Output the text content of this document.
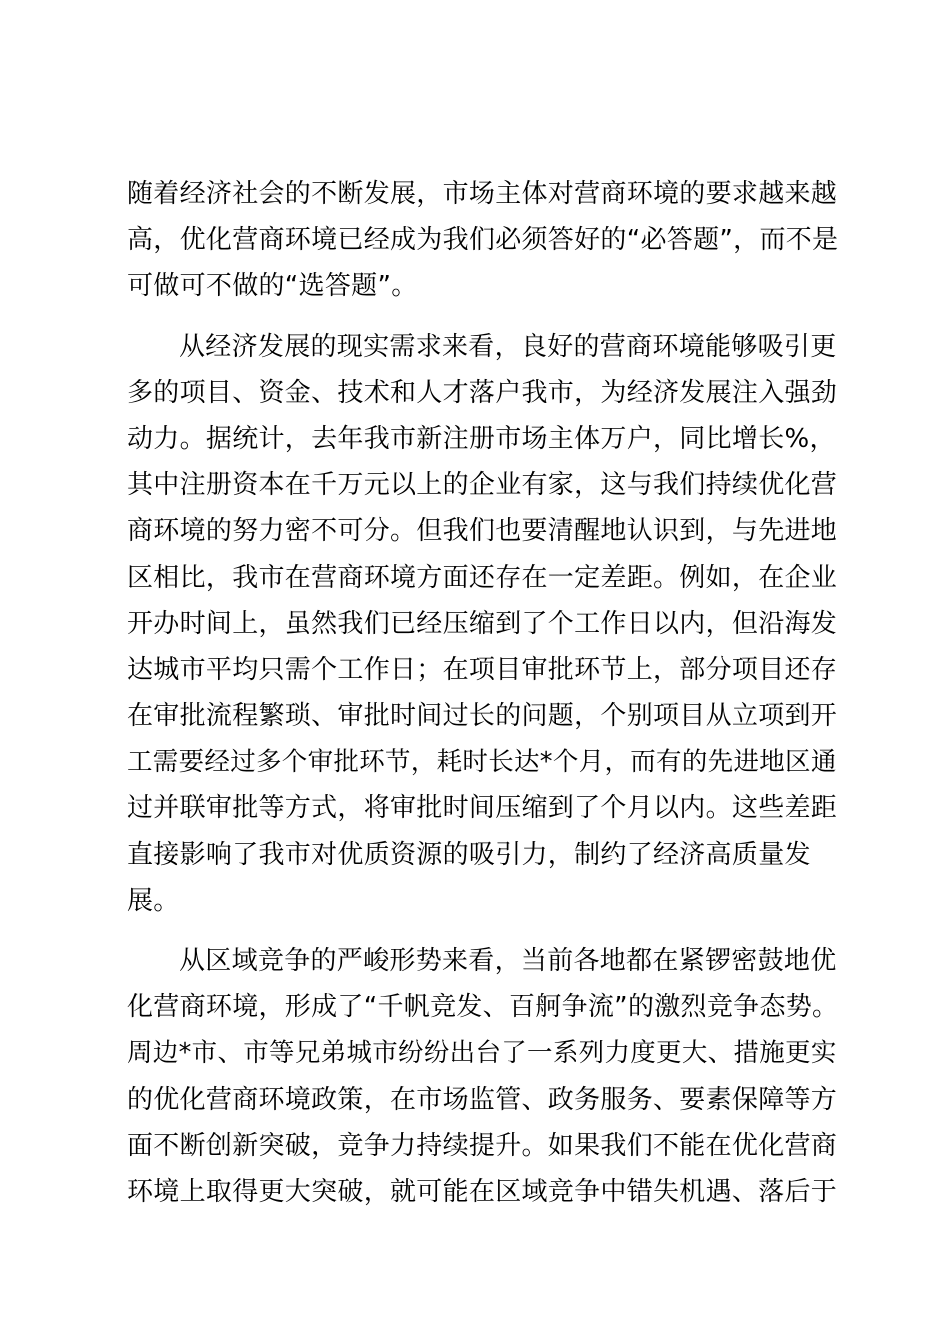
随着经济社会的不断发展，市场主体对营商环境的要求越来越
高，优化营商环境已经成为我们必须答好的“必答题”，而不是
可做可不做的“选答题”。
从经济发展的现实需求来看，良好的营商环境能够吸引更
多的项目、资金、技术和人才落户我市，为经济发展注入强劲
动力。据统计，去年我市新注册市场主体万户，同比增长%，
其中注册资本在千万元以上的企业有家，这与我们持续优化营
商环境的努力密不可分。但我们也要清醒地认识到，与先进地
区相比，我市在营商环境方面还存在一定差距。例如，在企业
开办时间上，虽然我们已经压缩到了个工作日以内，但沿海发
达城市平均只需个工作日；在项目审批环节上，部分项目还存
在审批流程繁琐、审批时间过长的问题，个别项目从立项到开
工需要经过多个审批环节，耗时长达*个月，而有的先进地区通
过并联审批等方式，将审批时间压缩到了个月以内。这些差距
直接影响了我市对优质资源的吸引力，制约了经济高质量发
展。
从区域竞争的严峻形势来看，当前各地都在紧锣密鼓地优
化营商环境，形成了“千帆竞发、百舸争流”的激烈竞争态势。
周边*市、市等兄弟城市纷纷出台了一系列力度更大、措施更实
的优化营商环境政策，在市场监管、政务服务、要素保障等方
面不断创新突破，竞争力持续提升。如果我们不能在优化营商
环境上取得更大突破，就可能在区域竞争中错失机遇、落后于
